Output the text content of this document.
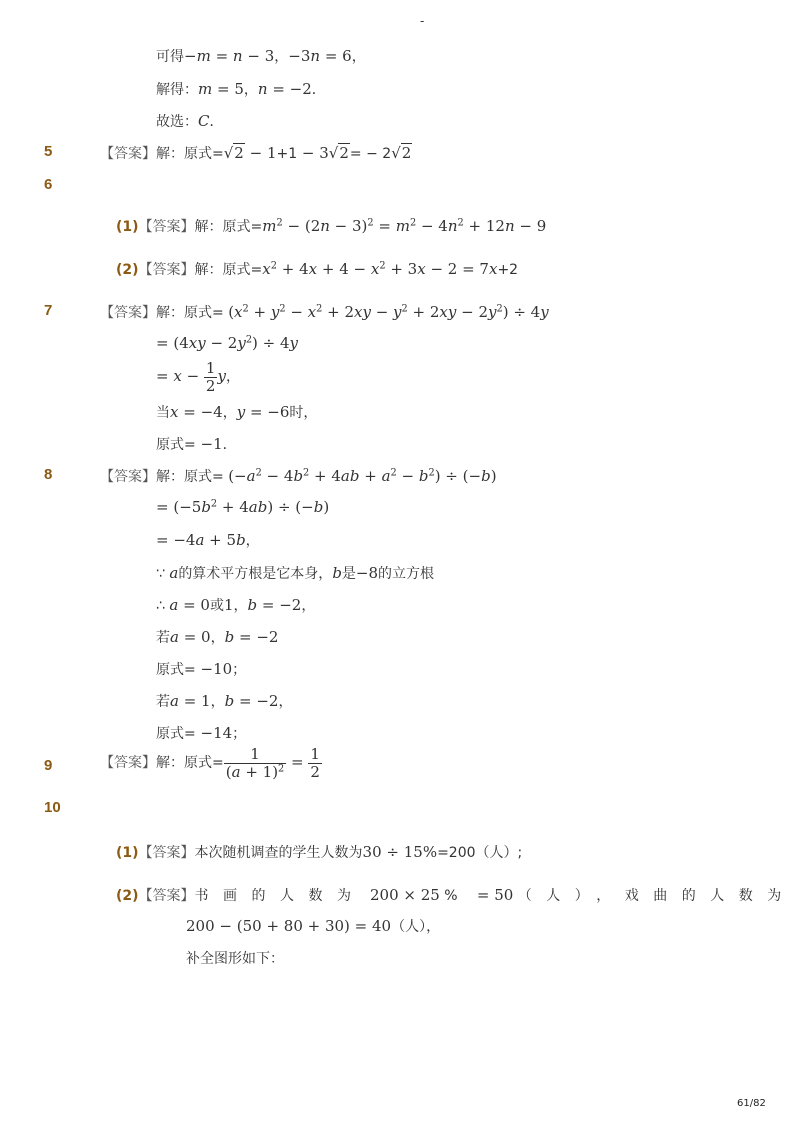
-
可得−m = n − 3，−3n = 6，
解得：m = 5，n = −2．
故选：C．
5	【答案】解：原式=√2 − 1+1 − 3√2= − 2√2
6
(1)【答案】解：原式$=m^2 - (2n - 3)^2 = m^2 - 4n^2 + 12n - 9$
(2)【答案】解：原式$=x^2 + 4x + 4 - x^2 + 3x - 2 = 7x+2$
7	【答案】解：原式= $(x^2 + y^2 - x^2 + 2xy - y^2 + 2xy - 2y^2) \div 4y$
= $(4xy - 2y^2) \div 4y$
= $x - \frac{1}{2}$ y，
当x = −4，y = −6时，
原式= −1．
8	【答案】解：原式= $(-a^2 - 4b^2 + 4ab + a^2 - b^2) \div (-b)$
= $(-5b^2 + 4ab) \div (-b)$
= −4a + 5b，
∵ a的算术平方根是它本身，b是−8的立方根
∴ a = 0或1，b = −2，
若a = 0，b = −2
原式= −10；
若a = 1，b = −2，
原式= −14；
9	【答案】解：原式= $\frac{1}{(a + 1)^2} = \frac{1}{2}$
10
(1)【答案】本次随机调查的学生人数为30 ÷ 15%=200（人）;
(2)【答案】书画的人数为 200 × 25 % = 50 （人），戏曲的人数为
200 − (50 + 80 + 30) = 40（人），
补全图形如下：
61/82
